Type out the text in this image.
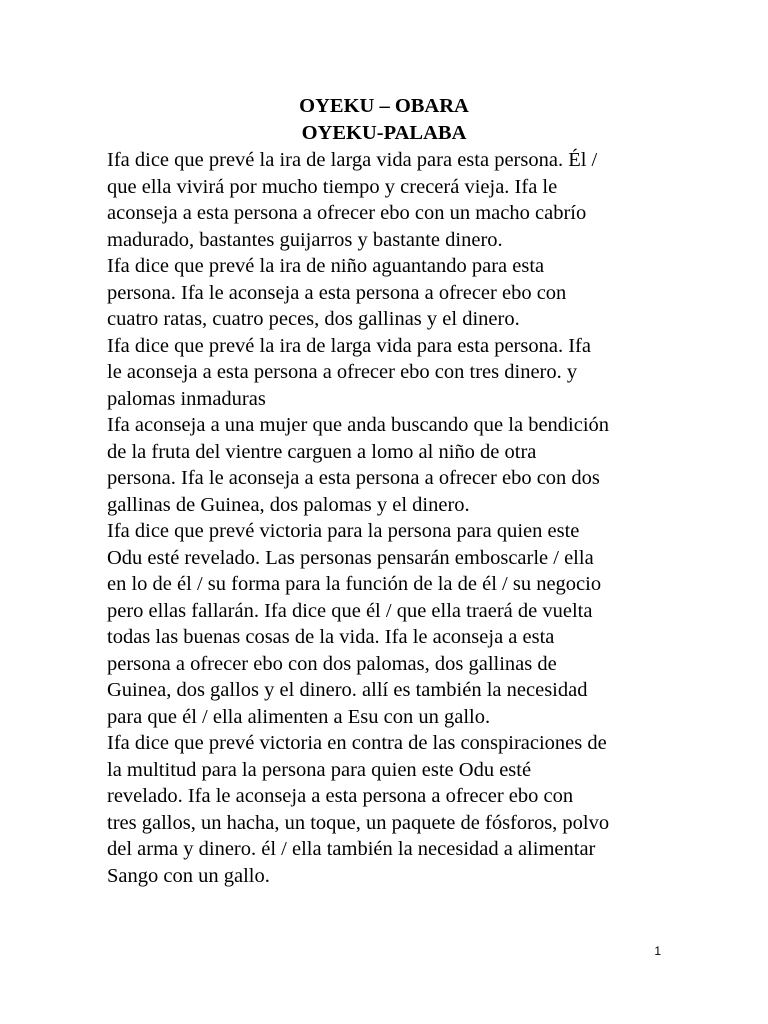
OYEKU – OBARA
OYEKU-PALABA

Ifa dice que prevé la ira de larga vida para esta persona. Él /
que ella vivirá por mucho tiempo y crecerá vieja. Ifa le
aconseja a esta persona a ofrecer ebo con un macho cabrío
madurado, bastantes guijarros y bastante dinero.

Ifa dice que prevé la ira de niño aguantando para esta
persona. Ifa le aconseja a esta persona a ofrecer ebo con
cuatro ratas, cuatro peces, dos gallinas y el dinero.

Ifa dice que prevé la ira de larga vida para esta persona. Ifa
le aconseja a esta persona a ofrecer ebo con tres dinero. y
palomas inmaduras

Ifa aconseja a una mujer que anda buscando que la bendición
de la fruta del vientre carguen a lomo al niño de otra
persona. Ifa le aconseja a esta persona a ofrecer ebo con dos
gallinas de Guinea, dos palomas y el dinero.

Ifa dice que prevé victoria para la persona para quien este
Odu esté revelado. Las personas pensarán emboscarle / ella
en lo de él / su forma para la función de la de él / su negocio
pero ellas fallarán. Ifa dice que él / que ella traerá de vuelta
todas las buenas cosas de la vida. Ifa le aconseja a esta
persona a ofrecer ebo con dos palomas, dos gallinas de
Guinea, dos gallos y el dinero. allí es también la necesidad
para que él / ella alimenten a Esu con un gallo.

Ifa dice que prevé victoria en contra de las conspiraciones de
la multitud para la persona para quien este Odu esté
revelado. Ifa le aconseja a esta persona a ofrecer ebo con
tres gallos, un hacha, un toque, un paquete de fósforos, polvo
del arma y dinero. él / ella también la necesidad a alimentar
Sango con un gallo.

1
